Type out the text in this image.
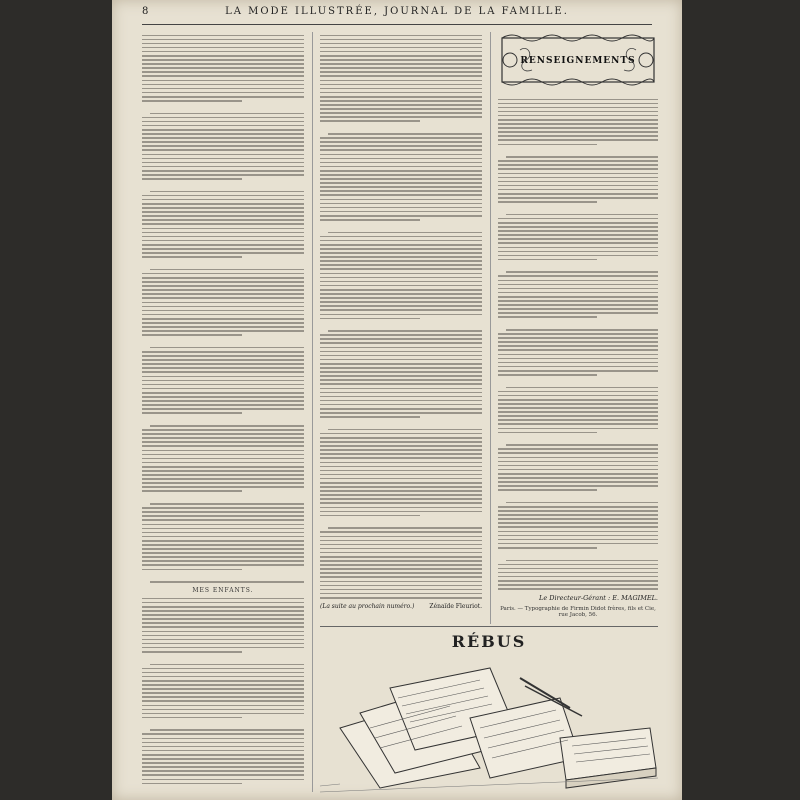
8	LA MODE ILLUSTRÉE, JOURNAL DE LA FAMILLE.
MES ENFANTS.
(La suite au prochain numéro.)	Zénaïde Fleuriot.
RENSEIGNEMENTS
Le Directeur-Gérant : E. MAGIMEL.
Paris. — Typographie de Firmin Didot frères, fils et Cie, rue Jacob, 56.
RÉBUS
